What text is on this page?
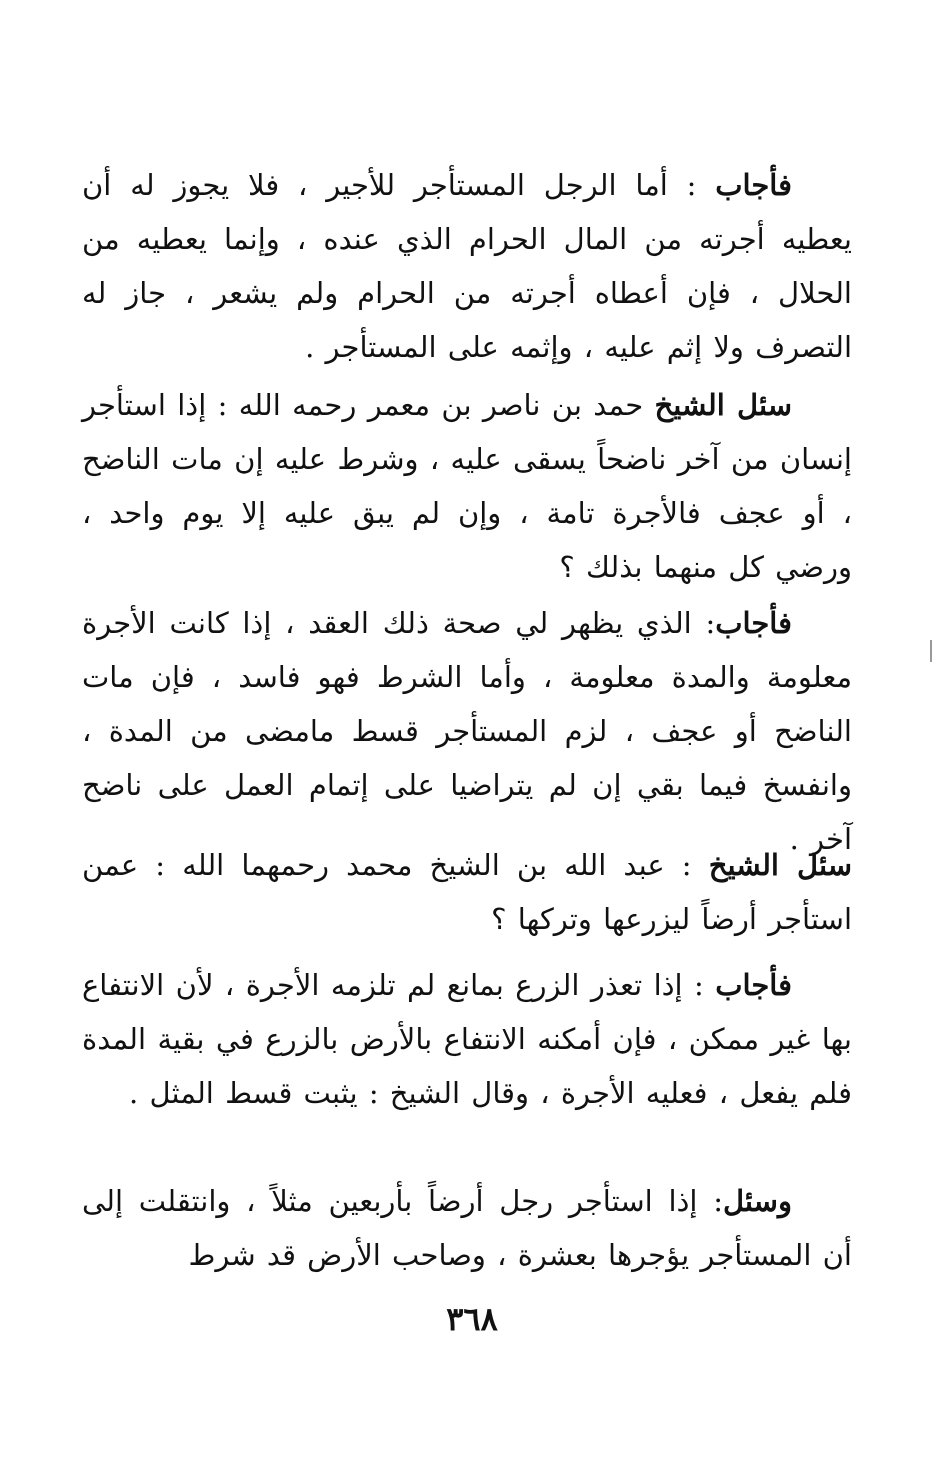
فأجاب : أما الرجل المستأجر للأجير ، فلا يجوز له أن يعطيه أجرته من المال الحرام الذي عنده ، وإنما يعطيه من الحلال ، فإن أعطاه أجرته من الحرام ولم يشعر ، جاز له التصرف ولا إثم عليه ، وإثمه على المستأجر .

سئل الشيخ حمد بن ناصر بن معمر رحمه الله : إذا استأجر إنسان من آخر ناضحاً يسقى عليه ، وشرط عليه إن مات الناضح ، أو عجف فالأجرة تامة ، وإن لم يبق عليه إلا يوم واحد ، ورضي كل منهما بذلك ؟

فأجاب: الذي يظهر لي صحة ذلك العقد ، إذا كانت الأجرة معلومة والمدة معلومة ، وأما الشرط فهو فاسد ، فإن مات الناضح أو عجف ، لزم المستأجر قسط مامضى من المدة ، وانفسخ فيما بقي إن لم يتراضيا على إتمام العمل على ناضح آخر .

سئل الشيخ : عبد الله بن الشيخ محمد رحمهما الله : عمن استأجر أرضاً ليزرعها وتركها ؟

فأجاب : إذا تعذر الزرع بمانع لم تلزمه الأجرة ، لأن الانتفاع بها غير ممكن ، فإن أمكنه الانتفاع بالأرض بالزرع في بقية المدة فلم يفعل ، فعليه الأجرة ، وقال الشيخ : يثبت قسط المثل .

وسئل: إذا استأجر رجل أرضاً بأربعين مثلاً ، وانتقلت إلى أن المستأجر يؤجرها بعشرة ، وصاحب الأرض قد شرط

٣٦٨
